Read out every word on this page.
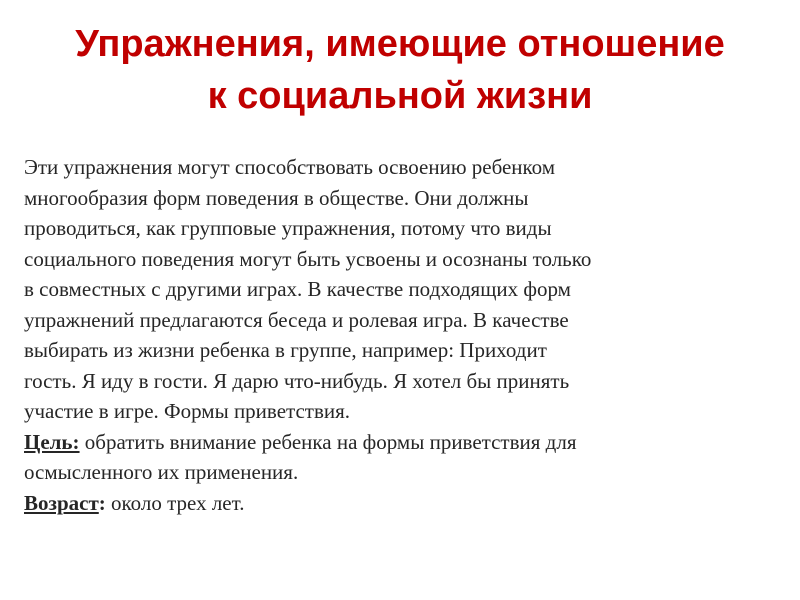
Упражнения, имеющие отношение
к социальной жизни
Эти упражнения могут способствовать освоению ребенком
многообразия форм поведения в обществе. Они должны
проводиться, как групповые упражнения, потому что виды
социального поведения могут быть усвоены и осознаны только
в совместных с другими играх. В качестве подходящих форм
упражнений предлагаются беседа и ролевая игра. В качестве
выбирать из жизни ребенка в группе, например: Приходит
гость. Я иду в гости. Я дарю что-нибудь. Я хотел бы принять
участие в игре. Формы приветствия.
Цель: обратить внимание ребенка на формы приветствия для
осмысленного их применения.
Возраст: около трех лет.
